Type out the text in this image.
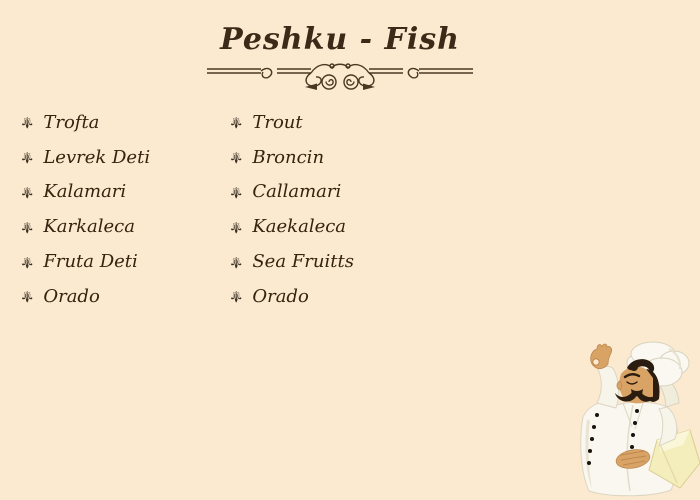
Peshku - Fish
⚜ Trofta
⚜ Levrek Deti
⚜ Kalamari
⚜ Karkaleca
⚜ Fruta Deti
⚜ Orado
⚜ Trout
⚜ Broncin
⚜ Callamari
⚜ Kaekaleca
⚜ Sea Fruitts
⚜ Orado
